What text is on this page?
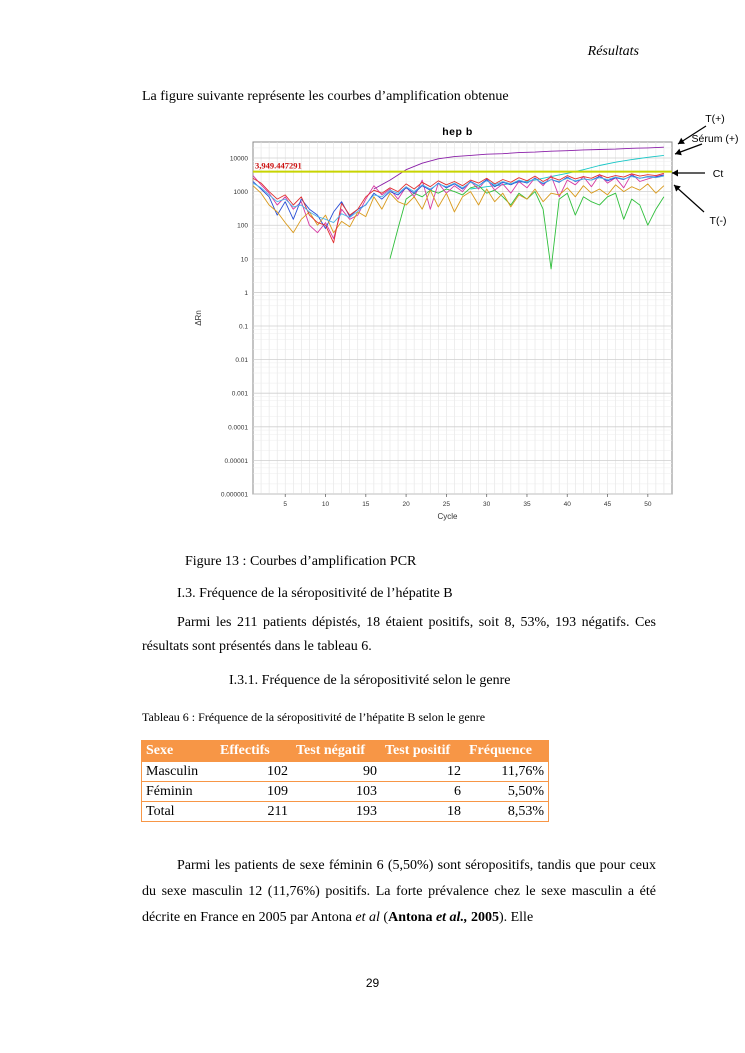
Résultats
La figure suivante représente les courbes d’amplification obtenue
5	10	15	20	25	30	35	40	45	50
10000
1000
100
10
1
0.1
0.01
0.001
0.0001
0.00001
0.000001
hep b
Cycle
ΔRn
3,949.447291
T(+)
Sérum (+)
Ct
T(-)
Figure 13 : Courbes d’amplification PCR
I.3. Fréquence de la séropositivité de l’hépatite B
Parmi les 211 patients dépistés, 18 étaient positifs, soit 8, 53%, 193 négatifs. Ces résultats sont présentés dans le tableau 6.
I.3.1. Fréquence de la séropositivité selon le genre
Tableau 6 : Fréquence de la séropositivité de l’hépatite B selon le genre
Sexe	Effectifs	Test négatif	Test positif	Fréquence
Masculin	102	90	12	11,76%
Féminin	109	103	6	5,50%
Total	211	193	18	8,53%
Parmi les patients de sexe féminin 6 (5,50%) sont séropositifs, tandis que pour ceux du sexe masculin 12 (11,76%) positifs. La forte prévalence chez le sexe masculin a été décrite en France en 2005 par Antona et al (Antona et al., 2005). Elle
29
